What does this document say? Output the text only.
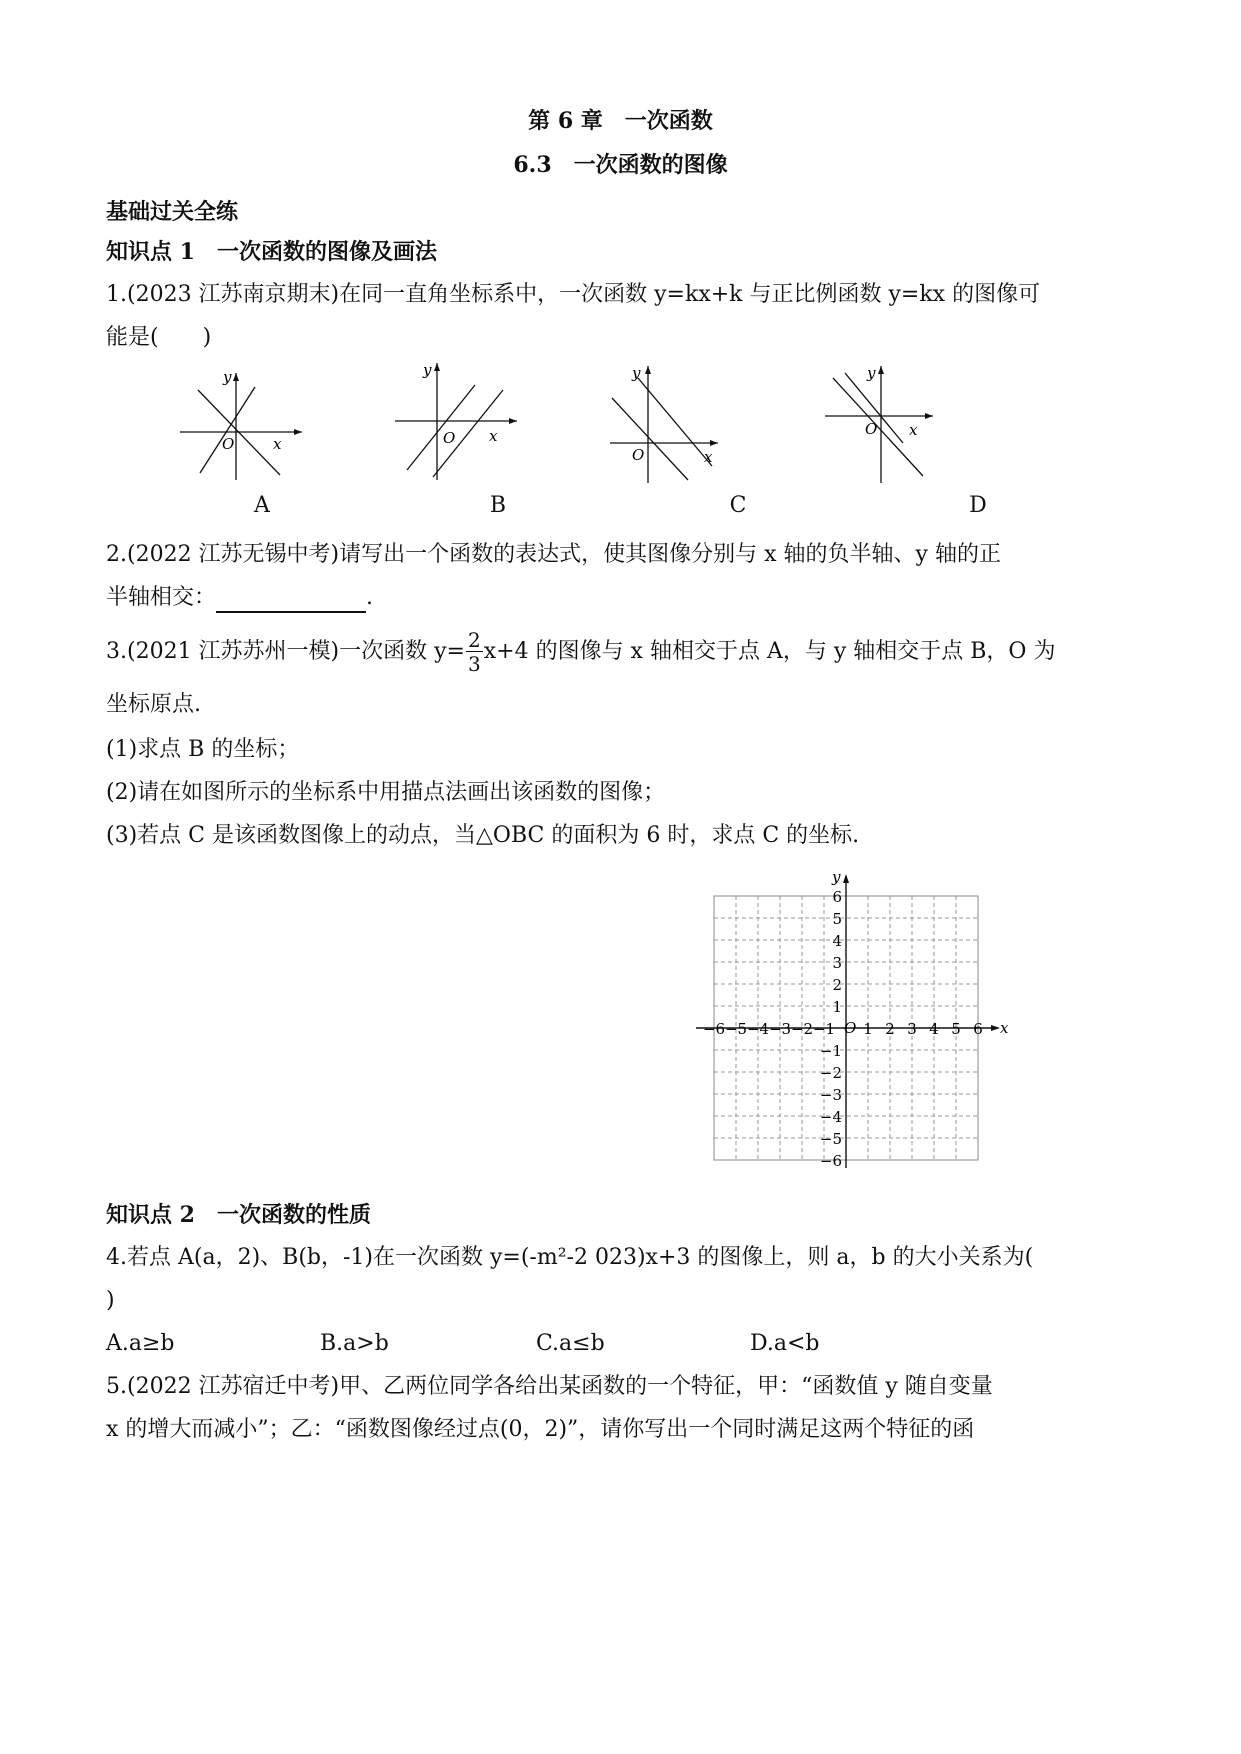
第 6 章　一次函数
6.3　一次函数的图像
基础过关全练
知识点 1　一次函数的图像及画法
1.(2023 江苏南京期末)在同一直角坐标系中，一次函数 y=kx+k 与正比例函数 y=kx 的图像可
能是(　　)
O	x
y
O x
y
O	x
y
O x
y
A	B	C	D
2.(2022 江苏无锡中考)请写出一个函数的表达式，使其图像分别与 x 轴的负半轴、y 轴的正
半轴相交：	.
3.(2021 江苏苏州一模)一次函数 $y= \frac{2}{3} x+4$ 的图像与 x 轴相交于点 A，与 y 轴相交于点 B，O 为
坐标原点.
(1)求点 B 的坐标；
(2)请在如图所示的坐标系中用描点法画出该函数的图像；
(3)若点 C 是该函数图像上的动点，当△OBC 的面积为 6 时，求点 C 的坐标.
x
y
O
−6 −5 −4 −3 −2 −1 1 2 3 4 5 6
6
5
4
3
2
1
−1
−2
−3
−4
−5
−6
知识点 2　一次函数的性质
4.若点 A(a，2)、B(b，-1)在一次函数 y=(-m²-2 023)x+3 的图像上，则 a，b 的大小关系为(
)
A.a≥b	B.a>b	C.a≤b	D.a<b
5.(2022 江苏宿迁中考)甲、乙两位同学各给出某函数的一个特征，甲：“函数值 y 随自变量
x 的增大而减小”；乙：“函数图像经过点(0，2)”，请你写出一个同时满足这两个特征的函
